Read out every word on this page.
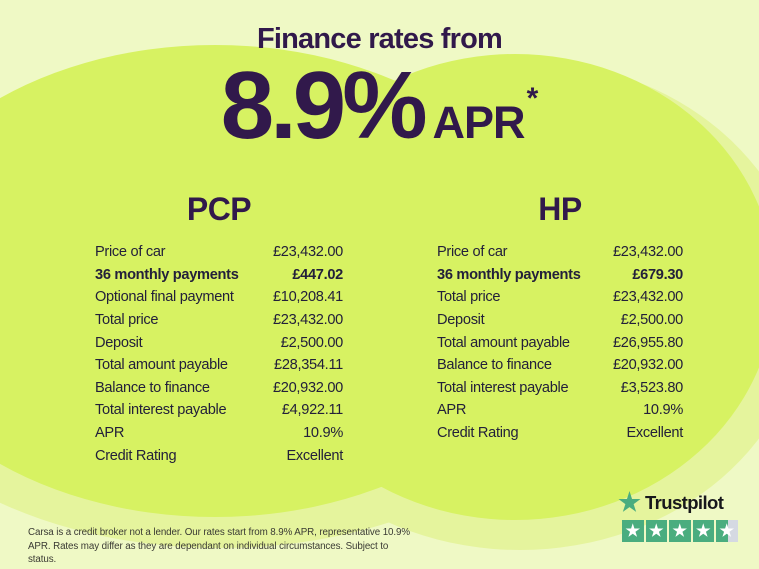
Finance rates from
8.9% APR *
PCP
Price of car	£23,432.00
36 monthly payments	£447.02
Optional final payment	£10,208.41
Total price	£23,432.00
Deposit	£2,500.00
Total amount payable	£28,354.11
Balance to finance	£20,932.00
Total interest payable	£4,922.11
APR	10.9%
Credit Rating	Excellent
HP
Price of car	£23,432.00
36 monthly payments	£679.30
Total price	£23,432.00
Deposit	£2,500.00
Total amount payable	£26,955.80
Balance to finance	£20,932.00
Total interest payable	£3,523.80
APR	10.9%
Credit Rating	Excellent
Carsa is a credit broker not a lender. Our rates start from 8.9% APR, representative 10.9% APR. Rates may differ as they are dependant on individual circumstances. Subject to status.
Trustpilot
